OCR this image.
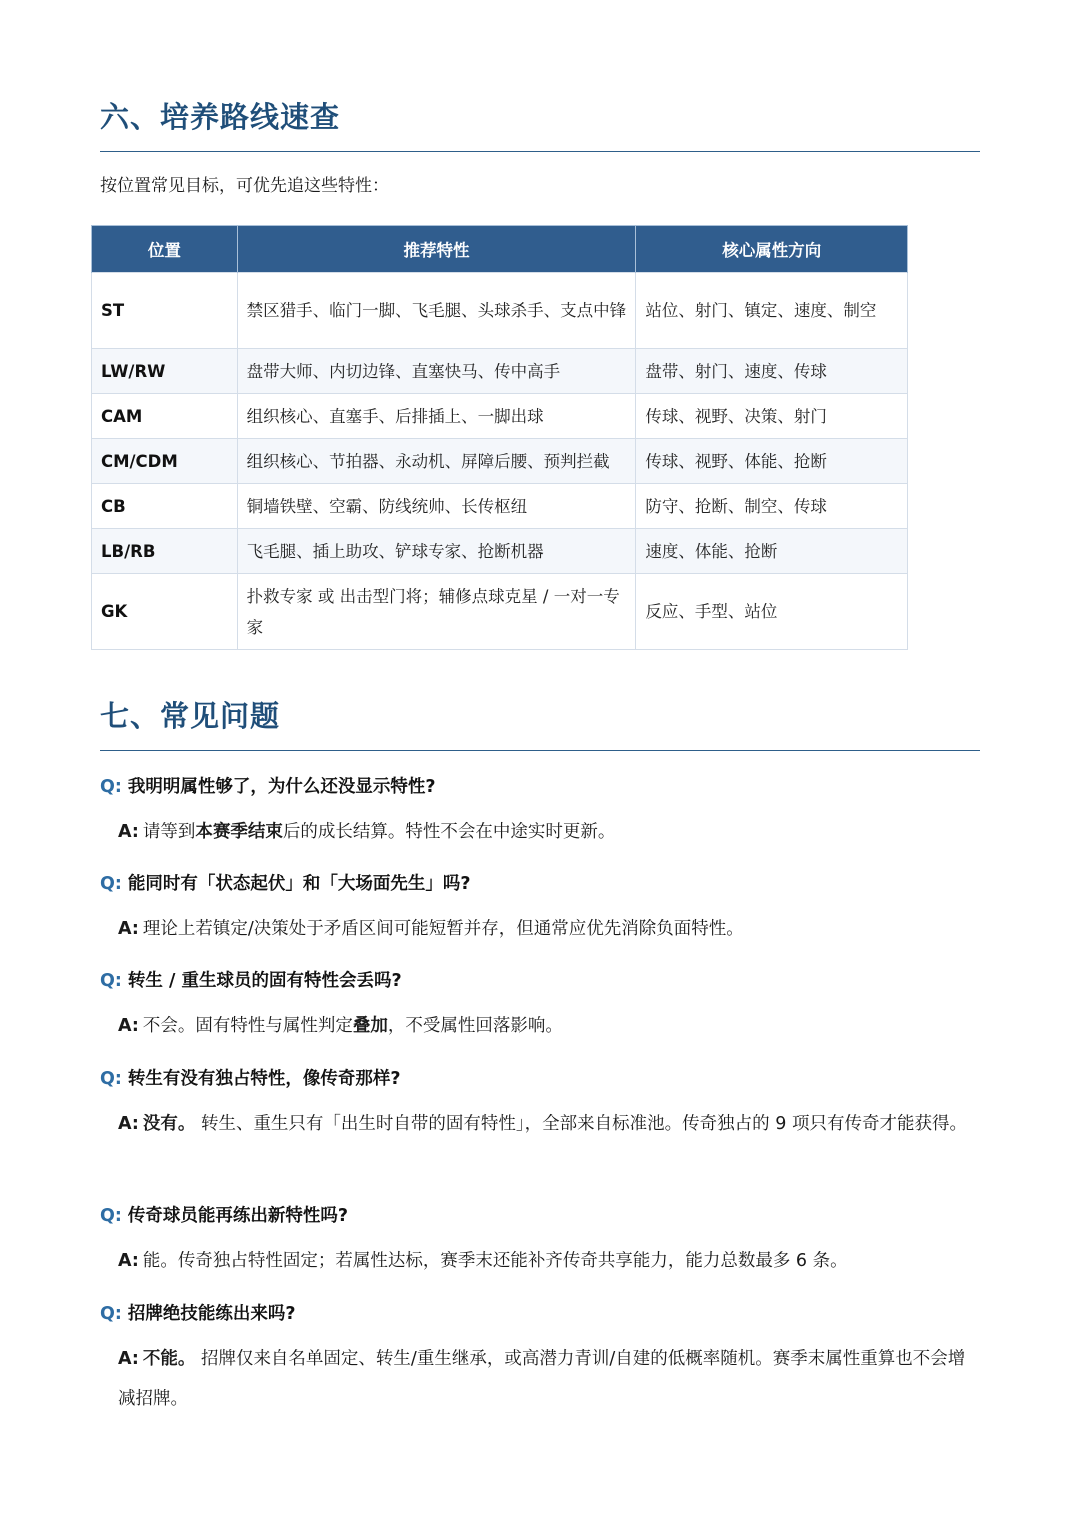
六、培养路线速查
按位置常见目标，可优先追这些特性：
位置	推荐特性	核心属性方向
ST	禁区猎手、临门一脚、飞毛腿、头球杀手、支点中锋	站位、射门、镇定、速度、制空
LW/RW	盘带大师、内切边锋、直塞快马、传中高手	盘带、射门、速度、传球
CAM	组织核心、直塞手、后排插上、一脚出球	传球、视野、决策、射门
CM/CDM	组织核心、节拍器、永动机、屏障后腰、预判拦截	传球、视野、体能、抢断
CB	铜墙铁壁、空霸、防线统帅、长传枢纽	防守、抢断、制空、传球
LB/RB	飞毛腿、插上助攻、铲球专家、抢断机器	速度、体能、抢断
GK	扑救专家 或 出击型门将；辅修点球克星 / 一对一专家	反应、手型、站位
七、常见问题
Q: 我明明属性够了，为什么还没显示特性?
A: 请等到本赛季结束后的成长结算。特性不会在中途实时更新。
Q: 能同时有「状态起伏」和「大场面先生」吗?
A: 理论上若镇定/决策处于矛盾区间可能短暂并存，但通常应优先消除负面特性。
Q: 转生 / 重生球员的固有特性会丢吗?
A: 不会。固有特性与属性判定叠加，不受属性回落影响。
Q: 转生有没有独占特性，像传奇那样?
A: 没有。 转生、重生只有「出生时自带的固有特性」，全部来自标准池。传奇独占的 9 项只有传奇才能获得。
Q: 传奇球员能再练出新特性吗?
A: 能。传奇独占特性固定；若属性达标，赛季末还能补齐传奇共享能力，能力总数最多 6 条。
Q: 招牌绝技能练出来吗?
A: 不能。 招牌仅来自名单固定、转生/重生继承，或高潜力青训/自建的低概率随机。赛季末属性重算也不会增减招牌。
